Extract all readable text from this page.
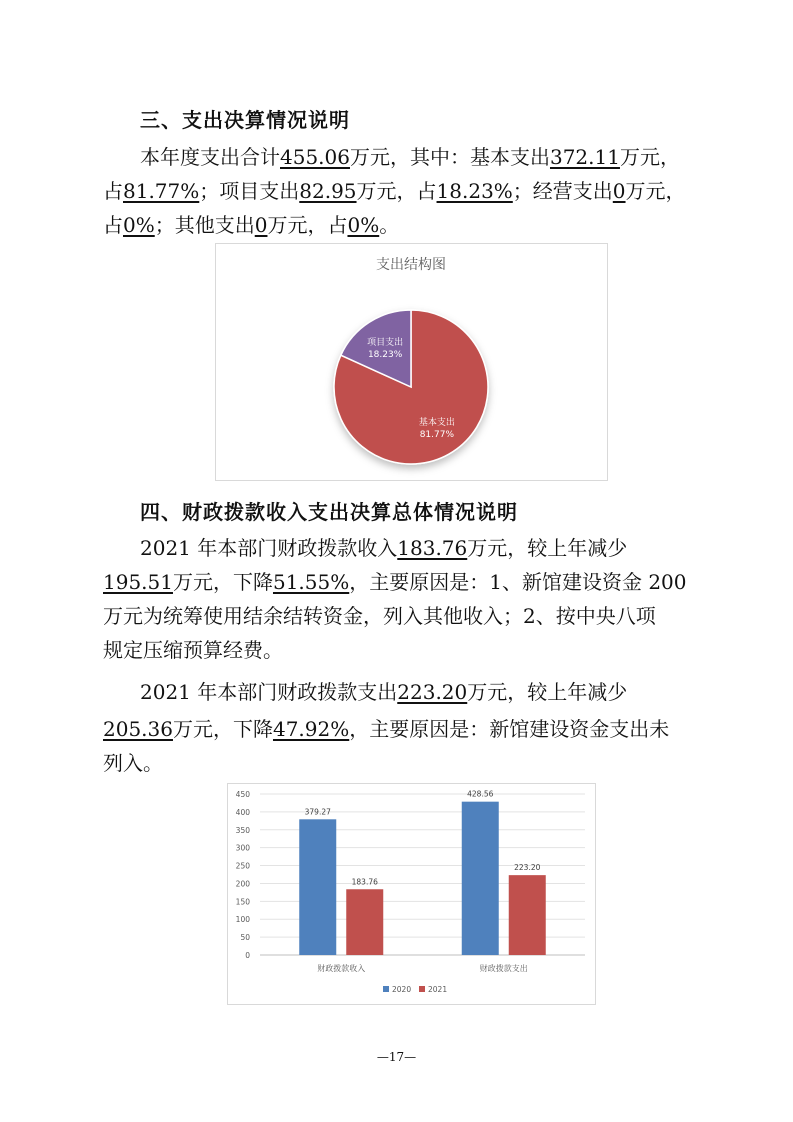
三、支出决算情况说明
本年度支出合计455.06万元，其中：基本支出372.11万元，
占81.77%；项目支出82.95万元，占18.23%；经营支出0万元，
占0%；其他支出0万元，占0%。
支出结构图
基本支出
81.77%
项目支出
18.23%
四、财政拨款收入支出决算总体情况说明
2021 年本部门财政拨款收入183.76万元，较上年减少
195.51万元，下降51.55%，主要原因是：1、新馆建设资金 200
万元为统筹使用结余结转资金，列入其他收入；2、按中央八项
规定压缩预算经费。
2021 年本部门财政拨款支出223.20万元，较上年减少
205.36万元，下降47.92%，主要原因是：新馆建设资金支出未
列入。
0
50
100
150
200
250
300
350
400
450
379.27
183.76
428.56
223.20
财政拨款收入	财政拨款支出
2020 2021
—17—
